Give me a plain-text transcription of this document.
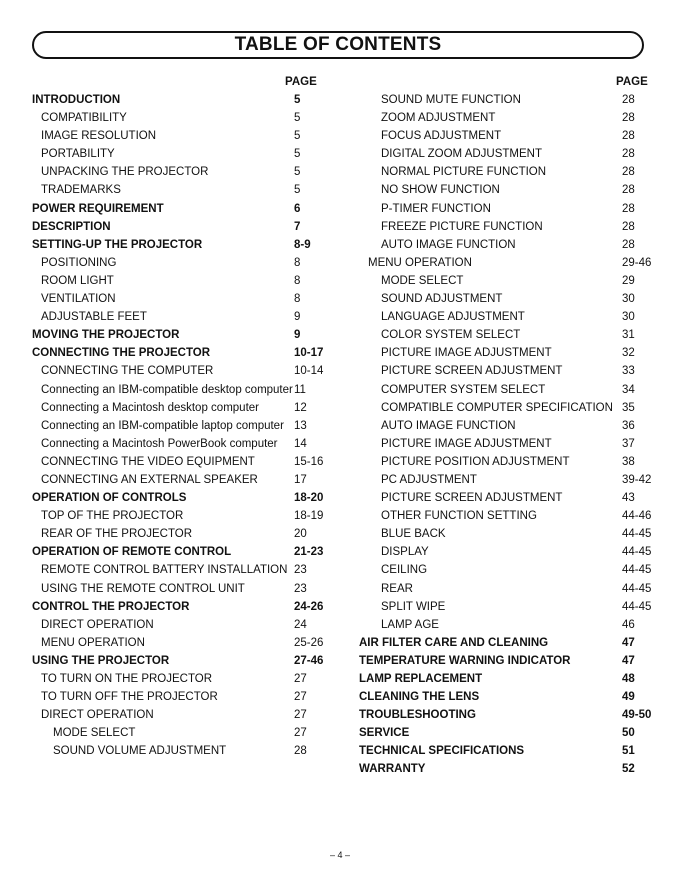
TABLE OF CONTENTS
PAGE	PAGE
INTRODUCTION	5
COMPATIBILITY	5
IMAGE RESOLUTION	5
PORTABILITY	5
UNPACKING THE PROJECTOR	5
TRADEMARKS	5
POWER REQUIREMENT	6
DESCRIPTION	7
SETTING-UP THE PROJECTOR	8-9
POSITIONING	8
ROOM LIGHT	8
VENTILATION	8
ADJUSTABLE FEET	9
MOVING THE PROJECTOR	9
CONNECTING THE PROJECTOR	10-17
CONNECTING THE COMPUTER	10-14
Connecting an IBM-compatible desktop computer 11
Connecting a Macintosh desktop computer	12
Connecting an IBM-compatible laptop computer 13
Connecting a Macintosh PowerBook computer 14
CONNECTING THE VIDEO EQUIPMENT	15-16
CONNECTING AN EXTERNAL SPEAKER	17
OPERATION OF CONTROLS	18-20
TOP OF THE PROJECTOR	18-19
REAR OF THE PROJECTOR	20
OPERATION OF REMOTE CONTROL	21-23
REMOTE CONTROL BATTERY INSTALLATION 23
USING THE REMOTE CONTROL UNIT	23
CONTROL THE PROJECTOR	24-26
DIRECT OPERATION	24
MENU OPERATION	25-26
USING THE PROJECTOR	27-46
TO TURN ON THE PROJECTOR	27
TO TURN OFF THE PROJECTOR	27
DIRECT OPERATION	27
MODE SELECT	27
SOUND VOLUME ADJUSTMENT	28
SOUND MUTE FUNCTION	28
ZOOM ADJUSTMENT	28
FOCUS ADJUSTMENT	28
DIGITAL ZOOM ADJUSTMENT	28
NORMAL PICTURE FUNCTION	28
NO SHOW FUNCTION	28
P-TIMER FUNCTION	28
FREEZE PICTURE FUNCTION	28
AUTO IMAGE FUNCTION	28
MENU OPERATION	29-46
MODE SELECT	29
SOUND ADJUSTMENT	30
LANGUAGE ADJUSTMENT	30
COLOR SYSTEM SELECT	31
PICTURE IMAGE ADJUSTMENT	32
PICTURE SCREEN ADJUSTMENT	33
COMPUTER SYSTEM SELECT	34
COMPATIBLE COMPUTER SPECIFICATION 35
AUTO IMAGE FUNCTION	36
PICTURE IMAGE ADJUSTMENT	37
PICTURE POSITION ADJUSTMENT	38
PC ADJUSTMENT	39-42
PICTURE SCREEN ADJUSTMENT	43
OTHER FUNCTION SETTING	44-46
BLUE BACK	44-45
DISPLAY	44-45
CEILING	44-45
REAR	44-45
SPLIT WIPE	44-45
LAMP AGE	46
AIR FILTER CARE AND CLEANING	47
TEMPERATURE WARNING INDICATOR	47
LAMP REPLACEMENT	48
CLEANING THE LENS	49
TROUBLESHOOTING	49-50
SERVICE	50
TECHNICAL SPECIFICATIONS	51
WARRANTY	52
– 4 –
